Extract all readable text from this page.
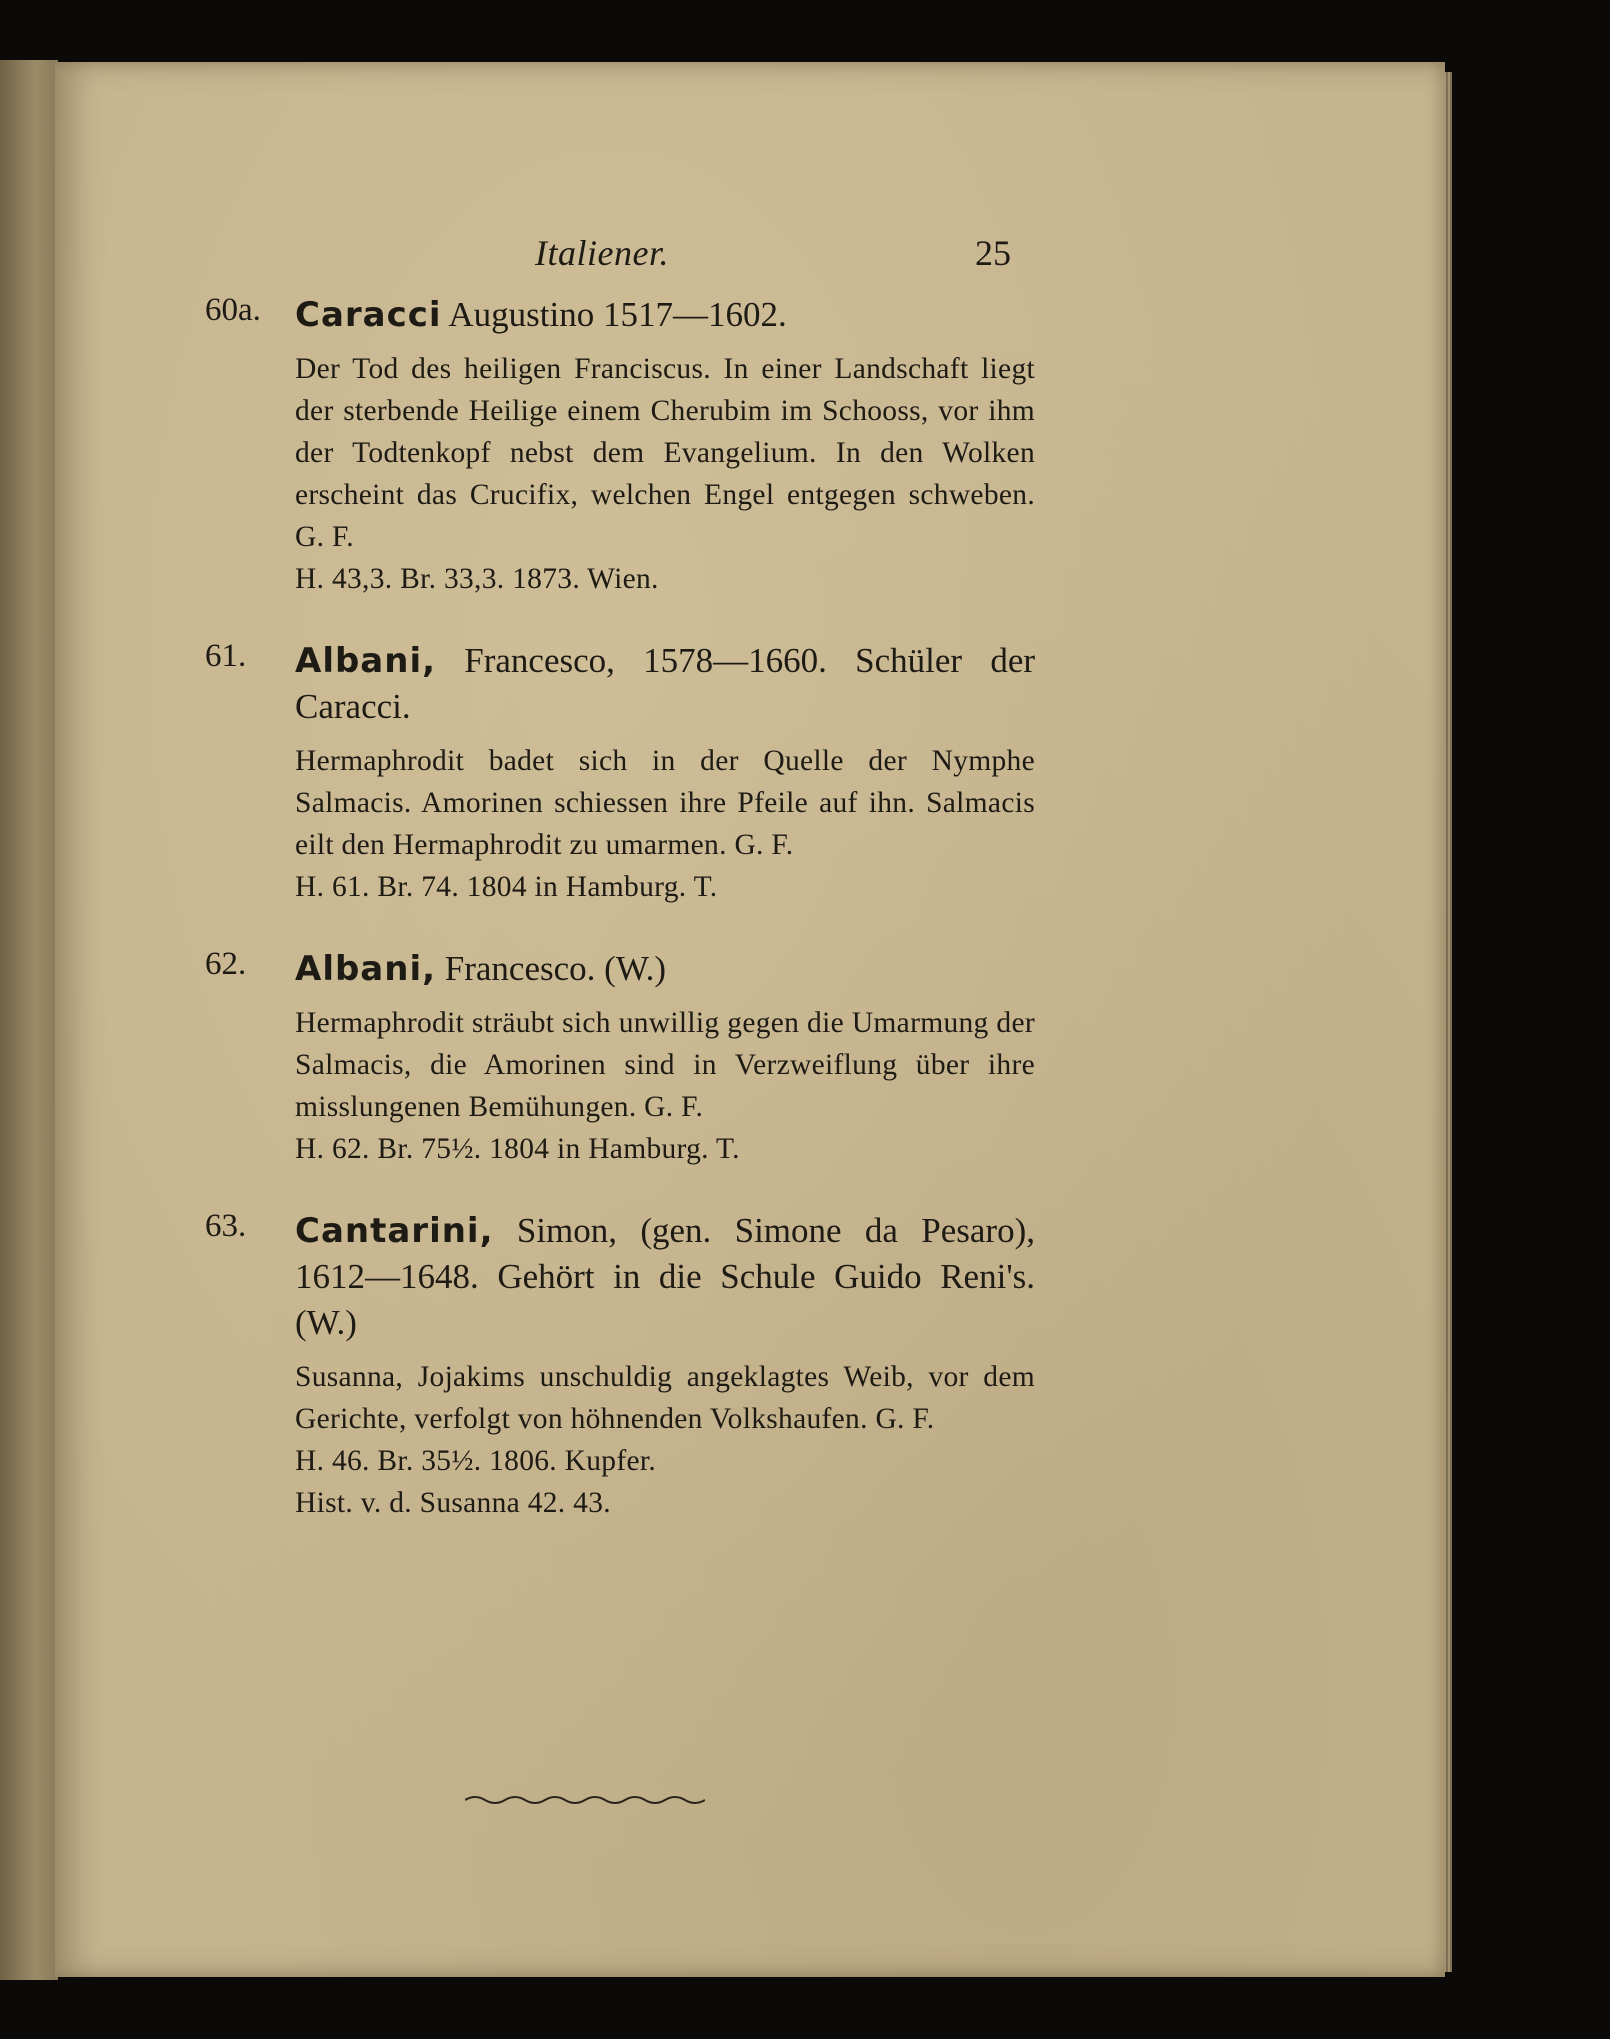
Italiener.	25
60a. Caracci Augustino 1517—1602.
Der Tod des heiligen Franciscus. In einer Landschaft liegt der sterbende Heilige einem Cherubim im Schooss, vor ihm der Todtenkopf nebst dem Evangelium. In den Wolken erscheint das Crucifix, welchen Engel entgegen schweben. G. F.
H. 43,3. Br. 33,3. 1873. Wien.
61. Albani, Francesco, 1578—1660. Schüler der Caracci.
Hermaphrodit badet sich in der Quelle der Nymphe Salmacis. Amorinen schiessen ihre Pfeile auf ihn. Salmacis eilt den Hermaphrodit zu umarmen. G. F.
H. 61. Br. 74. 1804 in Hamburg. T.
62. Albani, Francesco. (W.)
Hermaphrodit sträubt sich unwillig gegen die Umarmung der Salmacis, die Amorinen sind in Verzweiflung über ihre misslungenen Bemühungen. G. F.
H. 62. Br. 75½. 1804 in Hamburg. T.
63. Cantarini, Simon, (gen. Simone da Pesaro), 1612—1648. Gehört in die Schule Guido Reni's. (W.)
Susanna, Jojakims unschuldig angeklagtes Weib, vor dem Gerichte, verfolgt von höhnenden Volkshaufen. G. F.
H. 46. Br. 35½. 1806. Kupfer.
Hist. v. d. Susanna 42. 43.
